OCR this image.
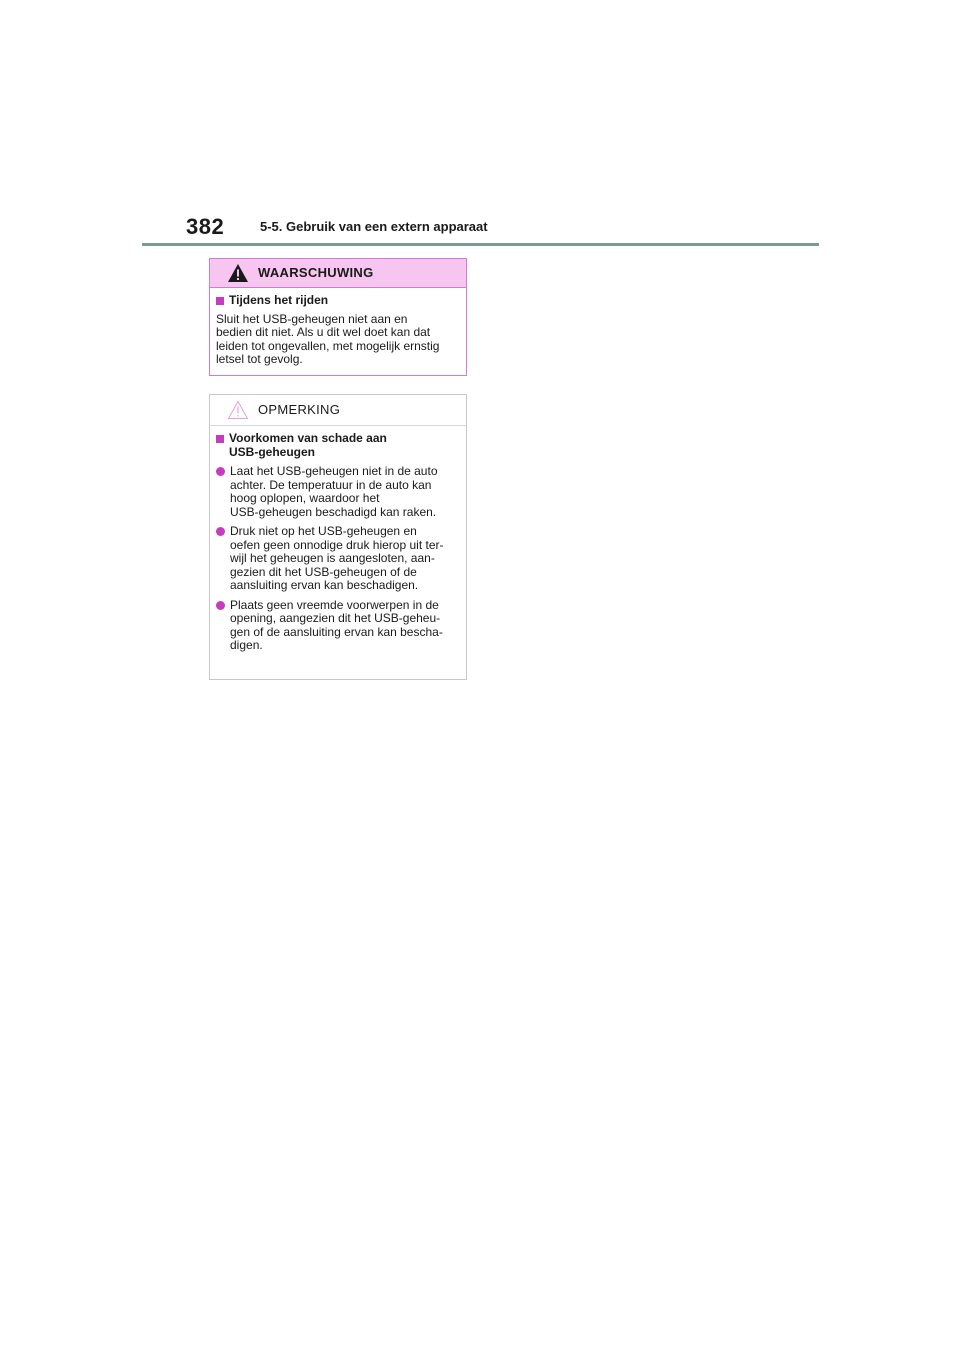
382	5-5. Gebruik van een extern apparaat
WAARSCHUWING
Tijdens het rijden
Sluit het USB-geheugen niet aan en
bedien dit niet. Als u dit wel doet kan dat
leiden tot ongevallen, met mogelijk ernstig
letsel tot gevolg.
OPMERKING
Voorkomen van schade aan
USB-geheugen
Laat het USB-geheugen niet in de auto
achter. De temperatuur in de auto kan
hoog oplopen, waardoor het
USB-geheugen beschadigd kan raken.
Druk niet op het USB-geheugen en
oefen geen onnodige druk hierop uit ter-
wijl het geheugen is aangesloten, aan-
gezien dit het USB-geheugen of de
aansluiting ervan kan beschadigen.
Plaats geen vreemde voorwerpen in de
opening, aangezien dit het USB-geheu-
gen of de aansluiting ervan kan bescha-
digen.
